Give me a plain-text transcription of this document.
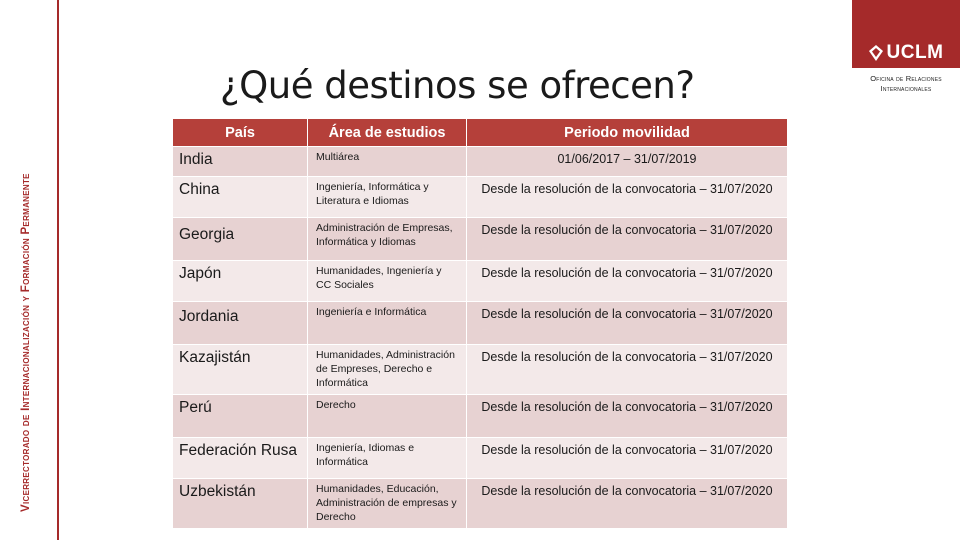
Vicerrectorado de Internacionalización y Formación Permanente
UCLM
Oficina de Relaciones
Internacionales
¿Qué destinos se ofrecen?
País	Área de estudios	Periodo movilidad
India	Multiárea	01/06/2017 – 31/07/2019
China	Ingeniería, Informática y Literatura e Idiomas	Desde la resolución de la convocatoria – 31/07/2020
Georgia	Administración de Empresas, Informática y Idiomas	Desde la resolución de la convocatoria – 31/07/2020
Japón	Humanidades, Ingeniería y CC Sociales	Desde la resolución de la convocatoria – 31/07/2020
Jordania	Ingeniería e Informática	Desde la resolución de la convocatoria – 31/07/2020
Kazajistán	Humanidades, Administración de Empreses, Derecho e Informática	Desde la resolución de la convocatoria – 31/07/2020
Perú	Derecho	Desde la resolución de la convocatoria – 31/07/2020
Federación Rusa	Ingeniería, Idiomas e Informática	Desde la resolución de la convocatoria – 31/07/2020
Uzbekistán	Humanidades, Educación, Administración de empresas y Derecho	Desde la resolución de la convocatoria – 31/07/2020
